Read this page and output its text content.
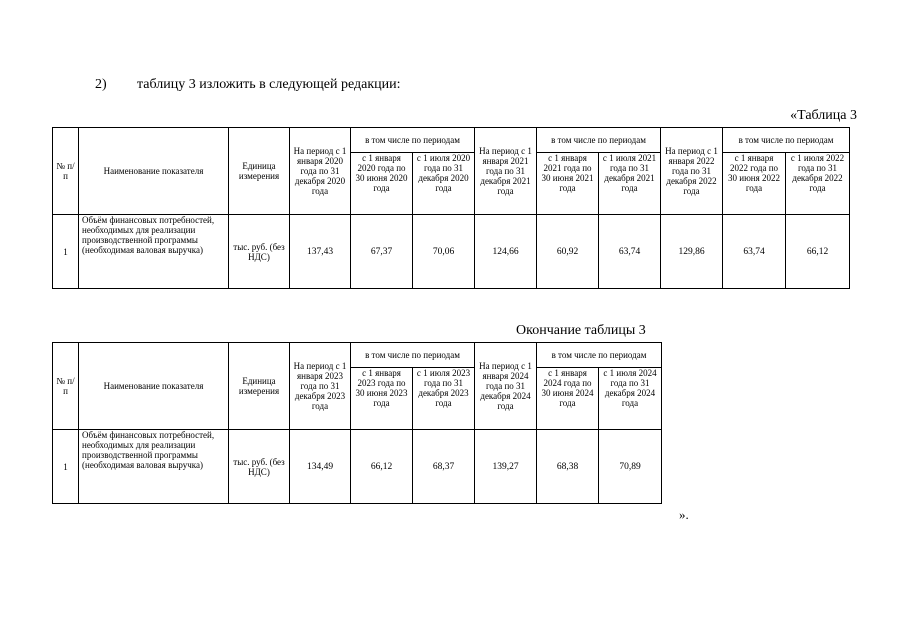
2) таблицу 3 изложить в следующей редакции:
«Таблица 3
№ п/п	Наименование показателя	Единица измерения	На период с 1 января 2020 года по 31 декабря 2020 года	в том числе по периодам		На период с 1 января 2021 года по 31 декабря 2021 года	в том числе по периодам		На период с 1 января 2022 года по 31 декабря 2022 года	в том числе по периодам	
				с 1 января 2020 года по 30 июня 2020 года	с 1 июля 2020 года по 31 декабря 2020 года		с 1 января 2021 года по 30 июня 2021 года	с 1 июля 2021 года по 31 декабря 2021 года		с 1 января 2022 года по 30 июня 2022 года	с 1 июля 2022 года по 31 декабря 2022 года
1	Объём финансовых потребностей, необходимых для реализации производственной программы (необходимая валовая выручка)	тыс. руб. (без НДС)	137,43	67,37	70,06	124,66	60,92	63,74	129,86	63,74	66,12
Окончание таблицы 3
№ п/п	Наименование показателя	Единица измерения	На период с 1 января 2023 года по 31 декабря 2023 года	в том числе по периодам		На период с 1 января 2024 года по 31 декабря 2024 года	в том числе по периодам	
				с 1 января 2023 года по 30 июня 2023 года	с 1 июля 2023 года по 31 декабря 2023 года		с 1 января 2024 года по 30 июня 2024 года	с 1 июля 2024 года по 31 декабря 2024 года
1	Объём финансовых потребностей, необходимых для реализации производственной программы (необходимая валовая выручка)	тыс. руб. (без НДС)	134,49	66,12	68,37	139,27	68,38	70,89
».
